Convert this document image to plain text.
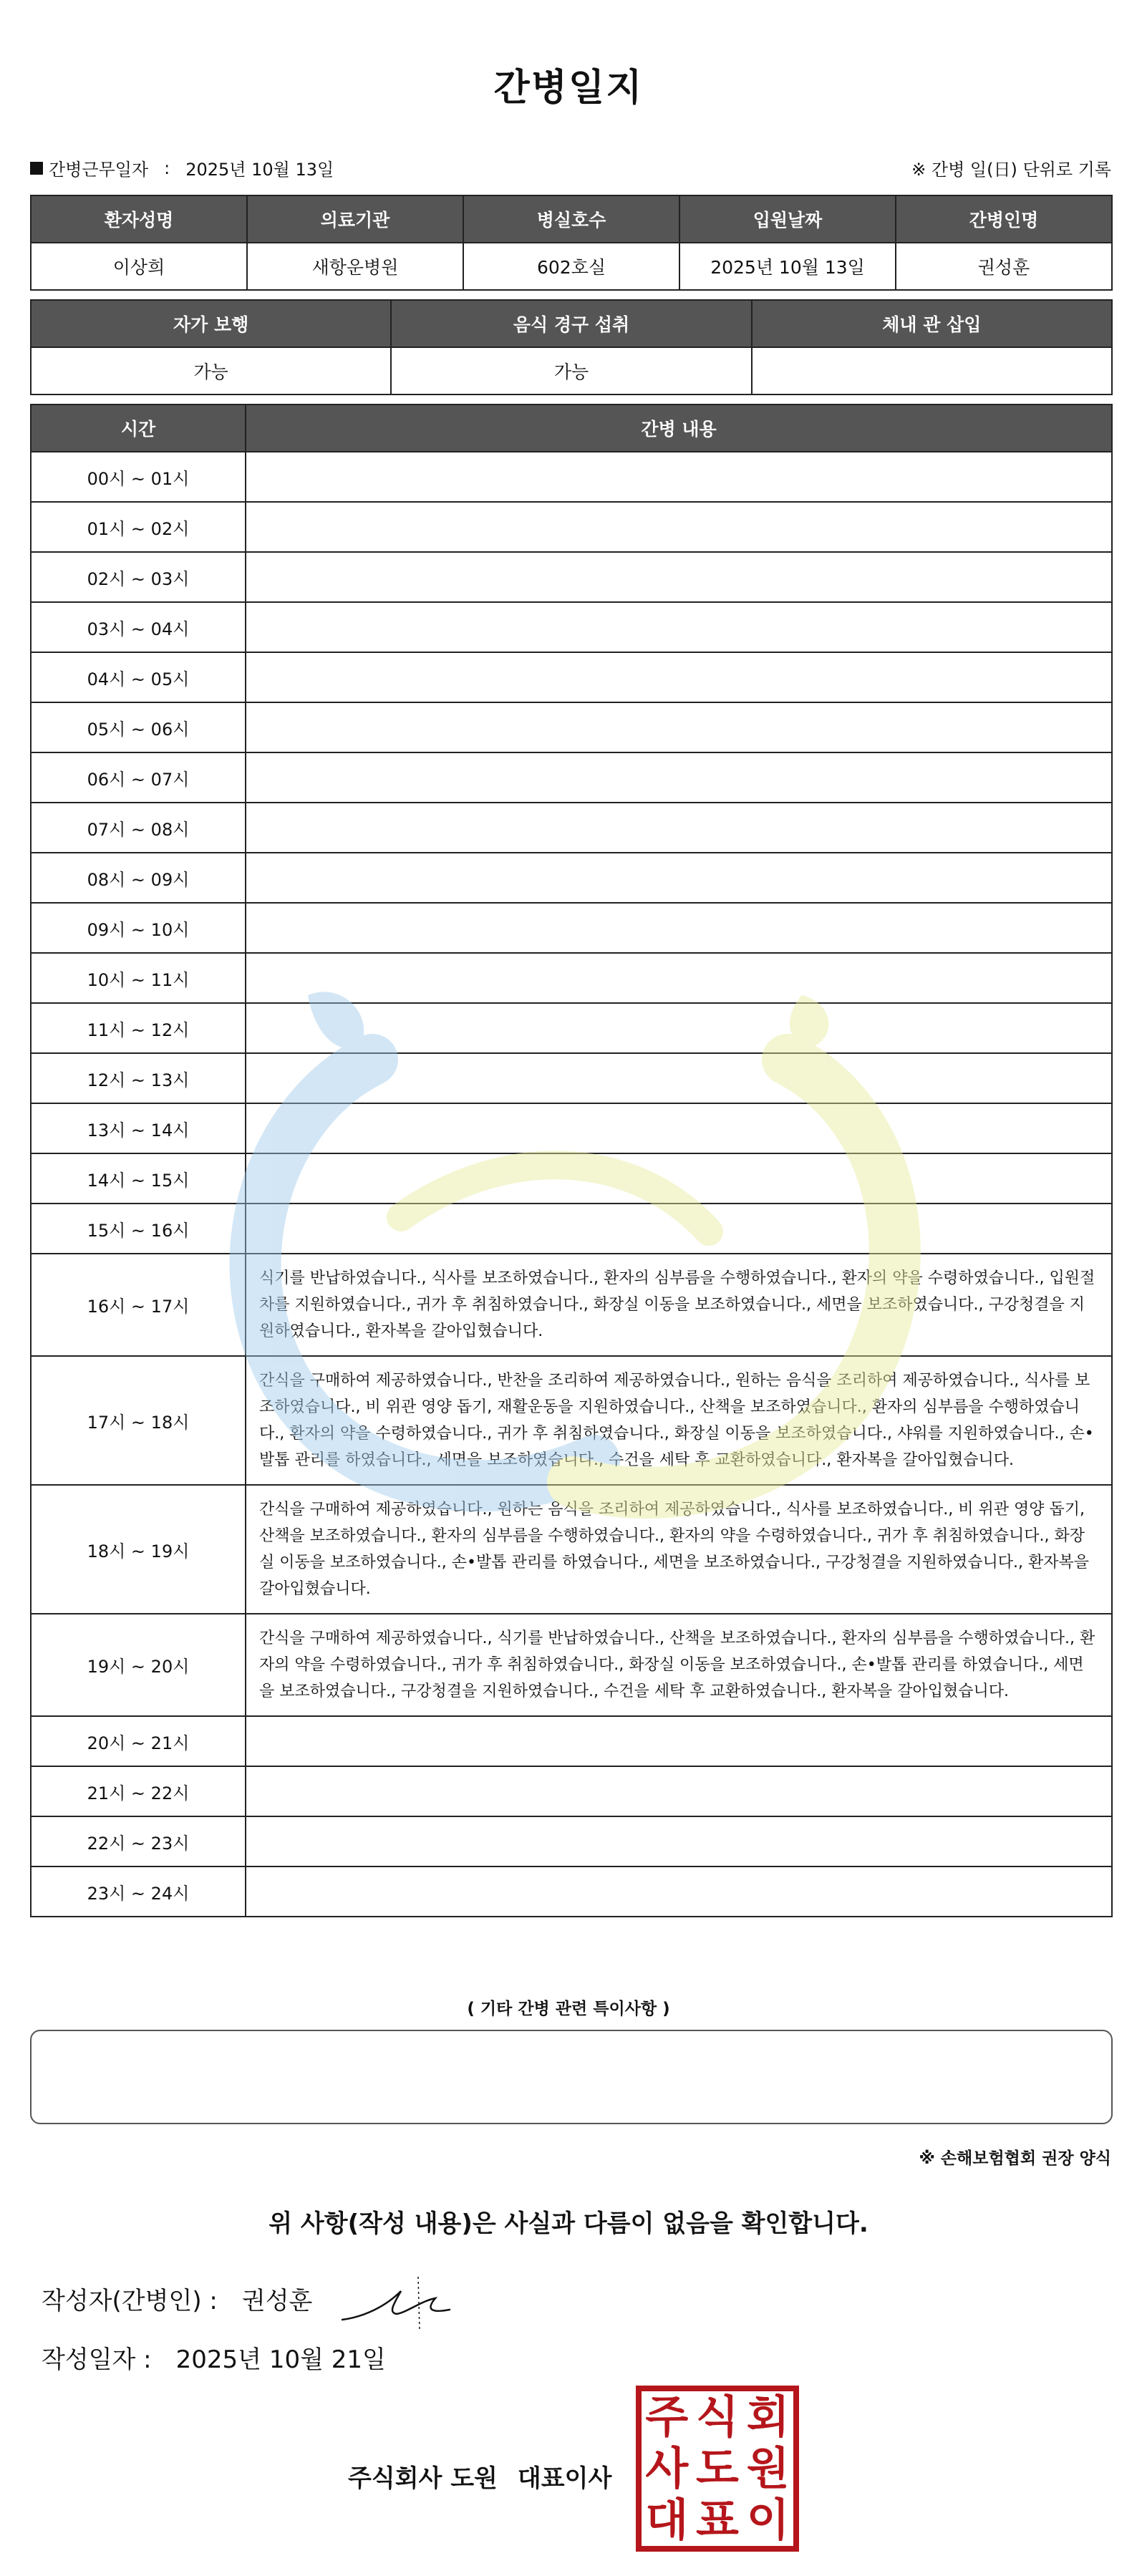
간병일지
간병근무일자 : 2025년 10월 13일	※ 간병 일(日) 단위로 기록
환자성명	의료기관	병실호수	입원날짜	간병인명
이상희	새항운병원	602호실	2025년 10월 13일	권성훈
자가 보행	음식 경구 섭취	체내 관 삽입
가능	가능	
시간	간병 내용
00시 ~ 01시	
01시 ~ 02시	
02시 ~ 03시	
03시 ~ 04시	
04시 ~ 05시	
05시 ~ 06시	
06시 ~ 07시	
07시 ~ 08시	
08시 ~ 09시	
09시 ~ 10시	
10시 ~ 11시	
11시 ~ 12시	
12시 ~ 13시	
13시 ~ 14시	
14시 ~ 15시	
15시 ~ 16시	
16시 ~ 17시	식기를 반납하였습니다., 식사를 보조하였습니다., 환자의 심부름을 수행하였습니다., 환자의 약을 수령하였습니다., 입원절차를 지원하였습니다., 귀가 후 취침하였습니다., 화장실 이동을 보조하였습니다., 세면을 보조하였습니다., 구강청결을 지원하였습니다., 환자복을 갈아입혔습니다.
17시 ~ 18시	간식을 구매하여 제공하였습니다., 반찬을 조리하여 제공하였습니다., 원하는 음식을 조리하여 제공하였습니다., 식사를 보조하였습니다., 비 위관 영양 돕기, 재활운동을 지원하였습니다., 산책을 보조하였습니다., 환자의 심부름을 수행하였습니다., 환자의 약을 수령하였습니다., 귀가 후 취침하였습니다., 화장실 이동을 보조하였습니다., 샤워를 지원하였습니다., 손•발톱 관리를 하였습니다., 세면을 보조하였습니다., 수건을 세탁 후 교환하였습니다., 환자복을 갈아입혔습니다.
18시 ~ 19시	간식을 구매하여 제공하였습니다., 원하는 음식을 조리하여 제공하였습니다., 식사를 보조하였습니다., 비 위관 영양 돕기, 산책을 보조하였습니다., 환자의 심부름을 수행하였습니다., 환자의 약을 수령하였습니다., 귀가 후 취침하였습니다., 화장실 이동을 보조하였습니다., 손•발톱 관리를 하였습니다., 세면을 보조하였습니다., 구강청결을 지원하였습니다., 환자복을 갈아입혔습니다.
19시 ~ 20시	간식을 구매하여 제공하였습니다., 식기를 반납하였습니다., 산책을 보조하였습니다., 환자의 심부름을 수행하였습니다., 환자의 약을 수령하였습니다., 귀가 후 취침하였습니다., 화장실 이동을 보조하였습니다., 손•발톱 관리를 하였습니다., 세면을 보조하였습니다., 구강청결을 지원하였습니다., 수건을 세탁 후 교환하였습니다., 환자복을 갈아입혔습니다.
20시 ~ 21시	
21시 ~ 22시	
22시 ~ 23시	
23시 ~ 24시	
( 기타 간병 관련 특이사항 )
※ 손해보험협회 권장 양식
위 사항(작성 내용)은 사실과 다름이 없음을 확인합니다.
작성자(간병인) : 권성훈
작성일자 : 2025년 10월 21일
주식회사 도원 대표이사
주 식 회
사 도 원
대 표 이
